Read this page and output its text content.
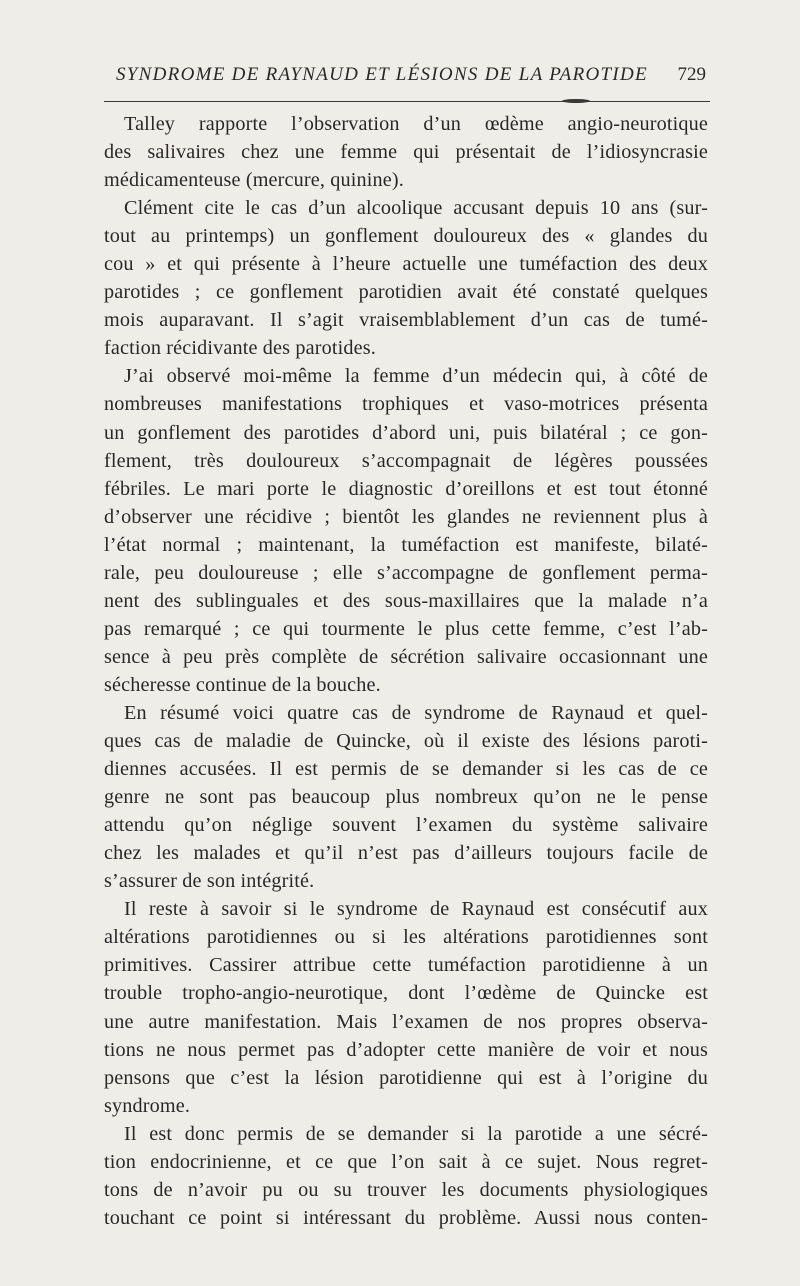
SYNDROME DE RAYNAUD ET LÉSIONS DE LA PAROTIDE 729
Talley rapporte l’observation d’un œdème angio-neurotique
des salivaires chez une femme qui présentait de l’idiosyncrasie
médicamenteuse (mercure, quinine).
Clément cite le cas d’un alcoolique accusant depuis 10 ans (sur-
tout au printemps) un gonflement douloureux des « glandes du
cou » et qui présente à l’heure actuelle une tuméfaction des deux
parotides ; ce gonflement parotidien avait été constaté quelques
mois auparavant. Il s’agit vraisemblablement d’un cas de tumé-
faction récidivante des parotides.
J’ai observé moi-même la femme d’un médecin qui, à côté de
nombreuses manifestations trophiques et vaso-motrices présenta
un gonflement des parotides d’abord uni, puis bilatéral ; ce gon-
flement, très douloureux s’accompagnait de légères poussées
fébriles. Le mari porte le diagnostic d’oreillons et est tout étonné
d’observer une récidive ; bientôt les glandes ne reviennent plus à
l’état normal ; maintenant, la tuméfaction est manifeste, bilaté-
rale, peu douloureuse ; elle s’accompagne de gonflement perma-
nent des sublinguales et des sous-maxillaires que la malade n’a
pas remarqué ; ce qui tourmente le plus cette femme, c’est l’ab-
sence à peu près complète de sécrétion salivaire occasionnant une
sécheresse continue de la bouche.
En résumé voici quatre cas de syndrome de Raynaud et quel-
ques cas de maladie de Quincke, où il existe des lésions paroti-
diennes accusées. Il est permis de se demander si les cas de ce
genre ne sont pas beaucoup plus nombreux qu’on ne le pense
attendu qu’on néglige souvent l’examen du système salivaire
chez les malades et qu’il n’est pas d’ailleurs toujours facile de
s’assurer de son intégrité.
Il reste à savoir si le syndrome de Raynaud est consécutif aux
altérations parotidiennes ou si les altérations parotidiennes sont
primitives. Cassirer attribue cette tuméfaction parotidienne à un
trouble tropho-angio-neurotique, dont l’œdème de Quincke est
une autre manifestation. Mais l’examen de nos propres observa-
tions ne nous permet pas d’adopter cette manière de voir et nous
pensons que c’est la lésion parotidienne qui est à l’origine du
syndrome.
Il est donc permis de se demander si la parotide a une sécré-
tion endocrinienne, et ce que l’on sait à ce sujet. Nous regret-
tons de n’avoir pu ou su trouver les documents physiologiques
touchant ce point si intéressant du problème. Aussi nous conten-
